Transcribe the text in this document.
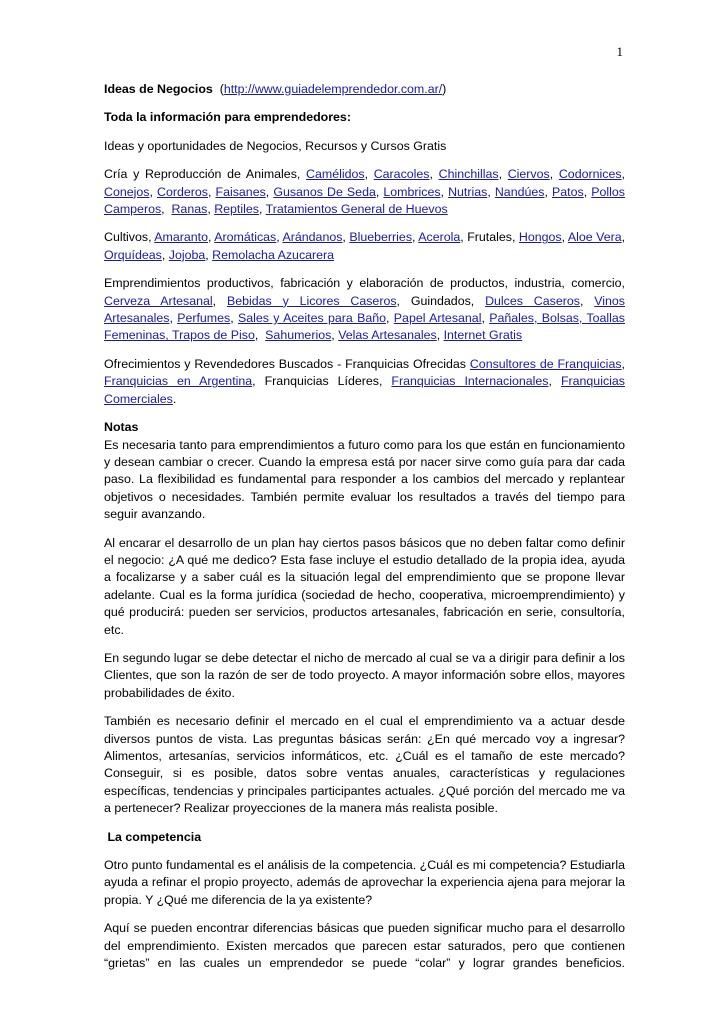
1

Ideas de Negocios  (http://www.guiadelemprendedor.com.ar/)

Toda la información para emprendedores:

Ideas y oportunidades de Negocios, Recursos y Cursos Gratis

Cría y Reproducción de Animales, Camélidos, Caracoles, Chinchillas, Ciervos, Codornices, Conejos, Corderos, Faisanes, Gusanos De Seda, Lombrices, Nutrias, Nandúes, Patos, Pollos Camperos,  Ranas, Reptiles, Tratamientos General de Huevos

Cultivos, Amaranto, Aromáticas, Arándanos, Blueberries, Acerola, Frutales, Hongos, Aloe Vera, Orquídeas, Jojoba, Remolacha Azucarera

Emprendimientos productivos, fabricación y elaboración de productos, industria, comercio, Cerveza Artesanal, Bebidas y Licores Caseros, Guindados, Dulces Caseros, Vinos Artesanales, Perfumes, Sales y Aceites para Baño, Papel Artesanal, Pañales, Bolsas, Toallas Femeninas, Trapos de Piso,  Sahumerios, Velas Artesanales, Internet Gratis

Ofrecimientos y Revendedores Buscados - Franquicias Ofrecidas Consultores de Franquicias, Franquicias en Argentina, Franquicias Líderes, Franquicias Internacionales, Franquicias Comerciales.

Notas

Es necesaria tanto para emprendimientos a futuro como para los que están en funcionamiento y desean cambiar o crecer. Cuando la empresa está por nacer sirve como guía para dar cada paso. La flexibilidad es fundamental para responder a los cambios del mercado y replantear objetivos o necesidades. También permite evaluar los resultados a través del tiempo para seguir avanzando.

Al encarar el desarrollo de un plan hay ciertos pasos básicos que no deben faltar como definir el negocio: ¿A qué me dedico? Esta fase incluye el estudio detallado de la propia idea, ayuda a focalizarse y a saber cuál es la situación legal del emprendimiento que se propone llevar adelante. Cual es la forma jurídica (sociedad de hecho, cooperativa, microemprendimiento) y qué producirá: pueden ser servicios, productos artesanales, fabricación en serie, consultoría, etc.

En segundo lugar se debe detectar el nicho de mercado al cual se va a dirigir para definir a los Clientes, que son la razón de ser de todo proyecto. A mayor información sobre ellos, mayores probabilidades de éxito.

También es necesario definir el mercado en el cual el emprendimiento va a actuar desde diversos puntos de vista. Las preguntas básicas serán: ¿En qué mercado voy a ingresar? Alimentos, artesanías, servicios informáticos, etc. ¿Cuál es el tamaño de este mercado? Conseguir, si es posible, datos sobre ventas anuales, características y regulaciones específicas, tendencias y principales participantes actuales. ¿Qué porción del mercado me va a pertenecer? Realizar proyecciones de la manera más realista posible.

La competencia

Otro punto fundamental es el análisis de la competencia. ¿Cuál es mi competencia? Estudiarla ayuda a refinar el propio proyecto, además de aprovechar la experiencia ajena para mejorar la propia. Y ¿Qué me diferencia de la ya existente?

Aquí se pueden encontrar diferencias básicas que pueden significar mucho para el desarrollo del emprendimiento. Existen mercados que parecen estar saturados, pero que contienen “grietas” en las cuales un emprendedor se puede “colar” y lograr grandes beneficios.
